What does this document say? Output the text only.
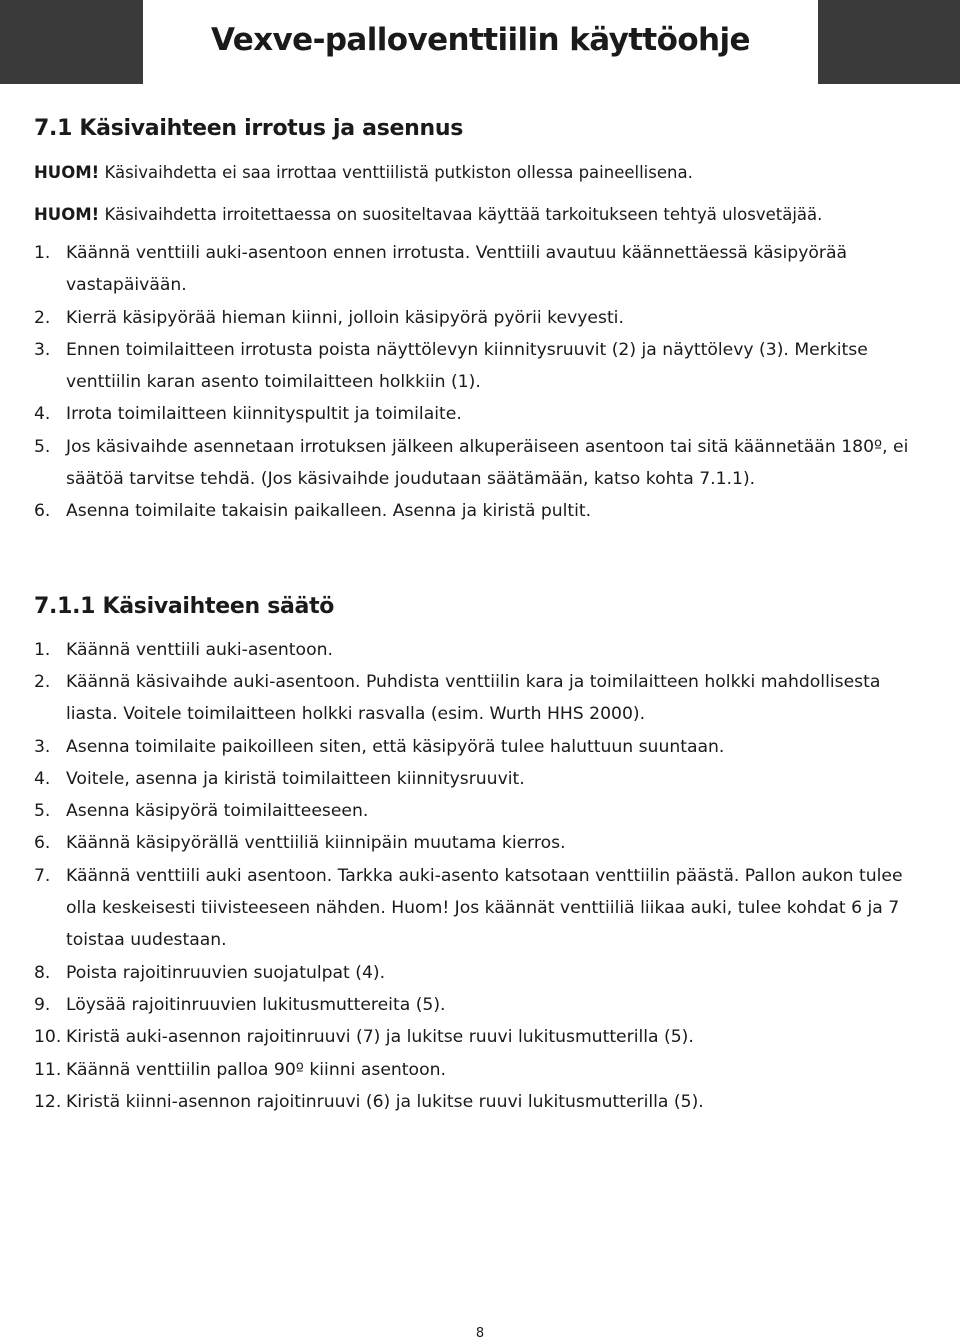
Vexve-palloventtiilin käyttöohje
7.1 Käsivaihteen irrotus ja asennus

HUOM! Käsivaihdetta ei saa irrottaa venttiilistä putkiston ollessa paineellisena.

HUOM! Käsivaihdetta irroitettaessa on suositeltavaa käyttää tarkoitukseen tehtyä ulosvetäjää.

1. Käännä venttiili auki-asentoon ennen irrotusta. Venttiili avautuu käännettäessä käsipyörää vastapäivään.
2. Kierrä käsipyörää hieman kiinni, jolloin käsipyörä pyörii kevyesti.
3. Ennen toimilaitteen irrotusta poista näyttölevyn kiinnitysruuvit (2) ja näyttölevy (3). Merkitse venttiilin karan asento toimilaitteen holkkiin (1).
4. Irrota toimilaitteen kiinnityspultit ja toimilaite.
5. Jos käsivaihde asennetaan irrotuksen jälkeen alkuperäiseen asentoon tai sitä käännetään 180º, ei säätöä tarvitse tehdä. (Jos käsivaihde joudutaan säätämään, katso kohta 7.1.1).
6. Asenna toimilaite takaisin paikalleen. Asenna ja kiristä pultit.
7.1.1 Käsivaihteen säätö
1. Käännä venttiili auki-asentoon.
2. Käännä käsivaihde auki-asentoon. Puhdista venttiilin kara ja toimilaitteen holkki mahdollisesta liasta. Voitele toimilaitteen holkki rasvalla (esim. Wurth HHS 2000).
3. Asenna toimilaite paikoilleen siten, että käsipyörä tulee haluttuun suuntaan.
4. Voitele, asenna ja kiristä toimilaitteen kiinnitysruuvit.
5. Asenna käsipyörä toimilaitteeseen.
6. Käännä käsipyörällä venttiiliä kiinnipäin muutama kierros.
7. Käännä venttiili auki asentoon. Tarkka auki-asento katsotaan venttiilin päästä. Pallon aukon tulee olla keskeisesti tiivisteeseen nähden. Huom! Jos käännät venttiiliä liikaa auki, tulee kohdat 6 ja 7 toistaa uudestaan.
8. Poista rajoitinruuvien suojatulpat (4).
9. Löysää rajoitinruuvien lukitusmuttereita (5).
10. Kiristä auki-asennon rajoitinruuvi (7) ja lukitse ruuvi lukitusmutterilla (5).
11. Käännä venttiilin palloa 90º kiinni asentoon.
12. Kiristä kiinni-asennon rajoitinruuvi (6) ja lukitse ruuvi lukitusmutterilla (5).
8
